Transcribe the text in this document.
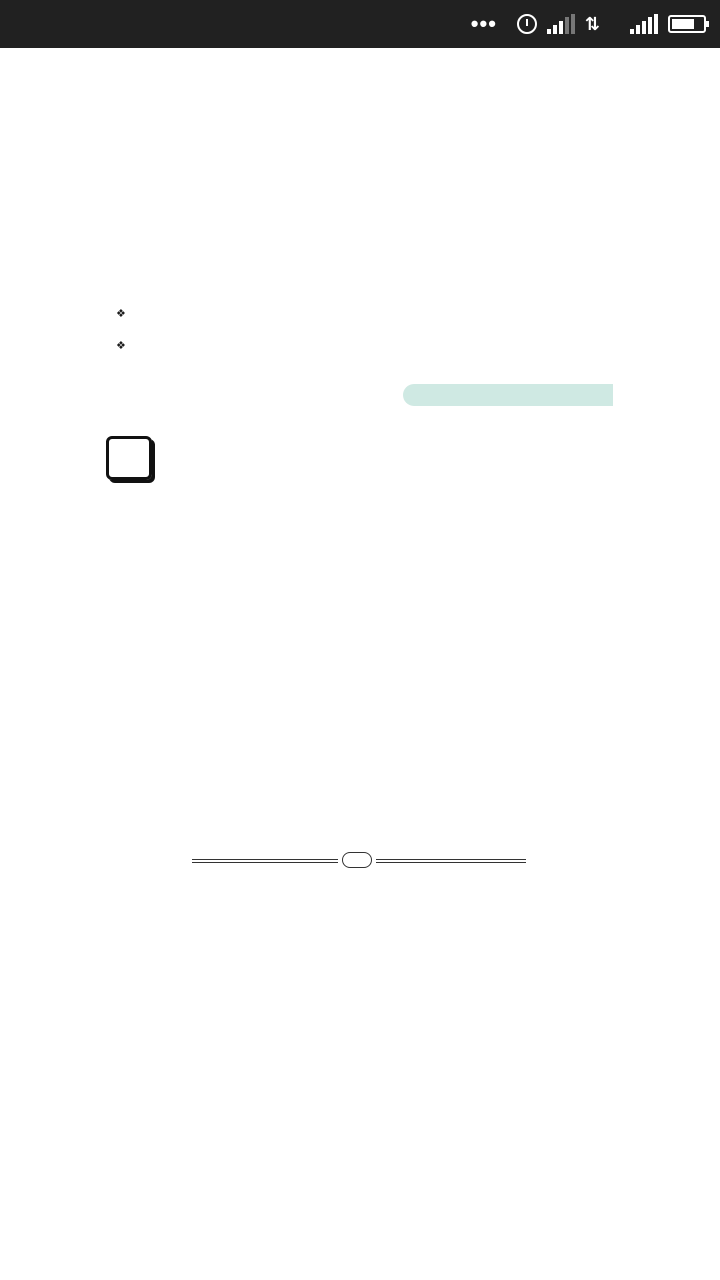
•••	⇅

❖
❖
